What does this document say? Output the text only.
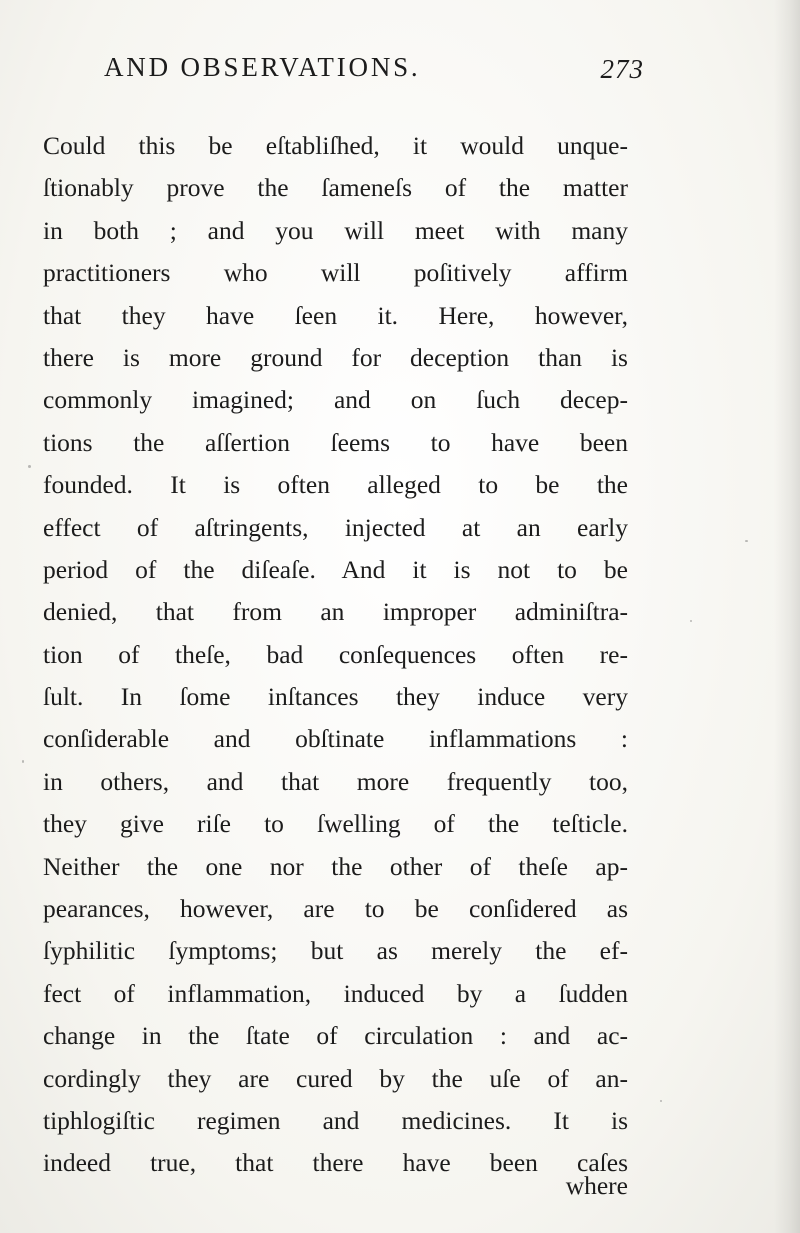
AND OBSERVATIONS.	273
Could this be eſtabliſhed, it would unque-
ſtionably prove the ſameneſs of the matter
in both ; and you will meet with many
practitioners who will poſitively affirm
that they have ſeen it. Here, however,
there is more ground for deception than is
commonly imagined; and on ſuch decep-
tions the aſſertion ſeems to have been
founded. It is often alleged to be the
effect of aſtringents, injected at an early
period of the diſeaſe. And it is not to be
denied, that from an improper adminiſtra-
tion of theſe, bad conſequences often re-
ſult. In ſome inſtances they induce very
conſiderable and obſtinate inflammations :
in others, and that more frequently too,
they give riſe to ſwelling of the teſticle.
Neither the one nor the other of theſe ap-
pearances, however, are to be conſidered as
ſyphilitic ſymptoms; but as merely the ef-
fect of inflammation, induced by a ſudden
change in the ſtate of circulation : and ac-
cordingly they are cured by the uſe of an-
tiphlogiſtic regimen and medicines. It is
indeed true, that there have been caſes
where
